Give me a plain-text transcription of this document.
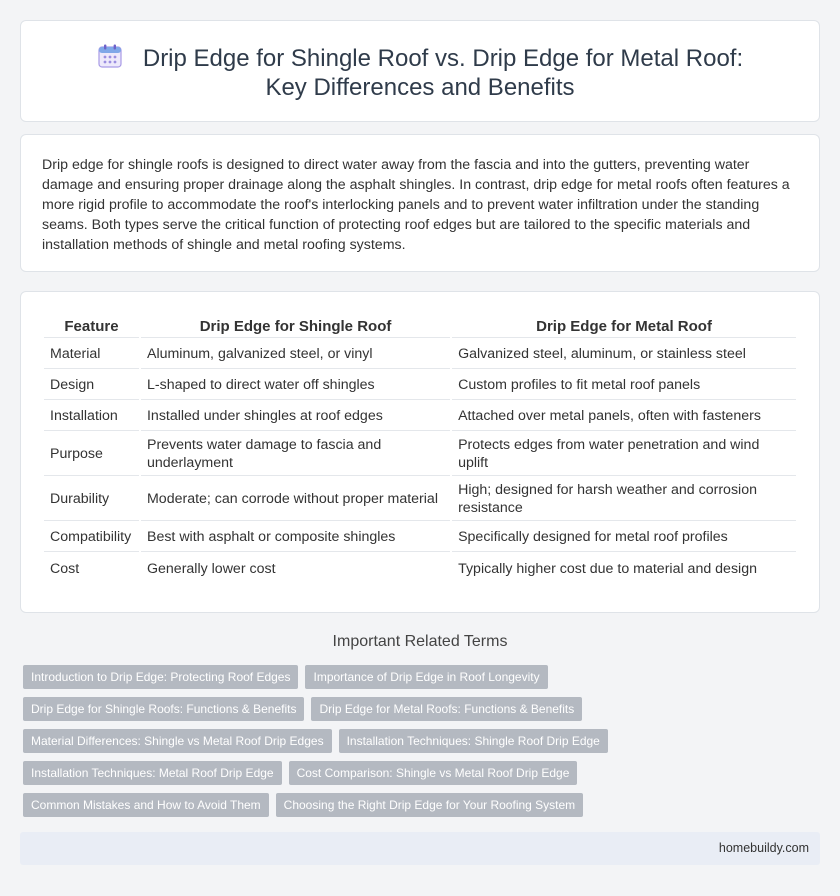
Drip Edge for Shingle Roof vs. Drip Edge for Metal Roof: Key Differences and Benefits

Drip edge for shingle roofs is designed to direct water away from the fascia and into the gutters, preventing water damage and ensuring proper drainage along the asphalt shingles. In contrast, drip edge for metal roofs often features a more rigid profile to accommodate the roof's interlocking panels and to prevent water infiltration under the standing seams. Both types serve the critical function of protecting roof edges but are tailored to the specific materials and installation methods of shingle and metal roofing systems.

Feature	Drip Edge for Shingle Roof	Drip Edge for Metal Roof
Material	Aluminum, galvanized steel, or vinyl	Galvanized steel, aluminum, or stainless steel
Design	L-shaped to direct water off shingles	Custom profiles to fit metal roof panels
Installation	Installed under shingles at roof edges	Attached over metal panels, often with fasteners
Purpose	Prevents water damage to fascia and underlayment	Protects edges from water penetration and wind uplift
Durability	Moderate; can corrode without proper material	High; designed for harsh weather and corrosion resistance
Compatibility	Best with asphalt or composite shingles	Specifically designed for metal roof profiles
Cost	Generally lower cost	Typically higher cost due to material and design
Important Related Terms
Introduction to Drip Edge: Protecting Roof Edges	Importance of Drip Edge in Roof Longevity
Drip Edge for Shingle Roofs: Functions & Benefits	Drip Edge for Metal Roofs: Functions & Benefits
Material Differences: Shingle vs Metal Roof Drip Edges	Installation Techniques: Shingle Roof Drip Edge
Installation Techniques: Metal Roof Drip Edge	Cost Comparison: Shingle vs Metal Roof Drip Edge
Common Mistakes and How to Avoid Them	Choosing the Right Drip Edge for Your Roofing System
homebuildy.com
